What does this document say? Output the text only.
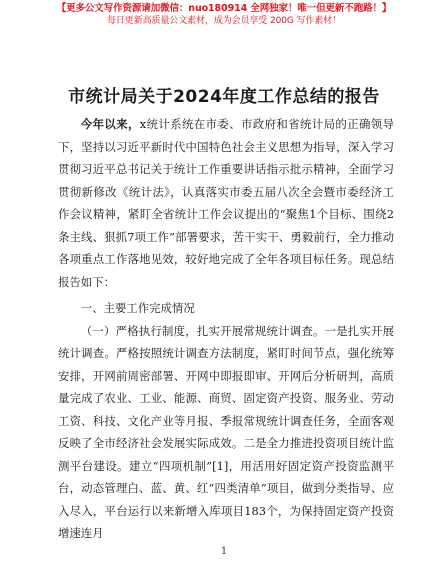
【更多公文写作资源请加微信：nuo180914 全网独家！唯一但更新不跑路！】
每日更新高质量公文素材，成为会员享受 200G 写作素材！
市统计局关于2024年度工作总结的报告

今年以来，x统计系统在市委、市政府和省统计局的正确领导下，坚持以习近平新时代中国特色社会主义思想为指导，深入学习贯彻习近平总书记关于统计工作重要讲话指示批示精神，全面学习贯彻新修改《统计法》，认真落实市委五届八次全会暨市委经济工作会议精神，紧盯全省统计工作会议提出的“聚焦1个目标、围绕2条主线、狠抓7项工作”部署要求，苦干实干、勇毅前行，全力推动各项重点工作落地见效，较好地完成了全年各项目标任务。现总结报告如下：

一、主要工作完成情况

（一）严格执行制度，扎实开展常规统计调查。一是扎实开展统计调查。严格按照统计调查方法制度，紧盯时间节点，强化统筹安排，开网前周密部署、开网中即报即审、开网后分析研判，高质量完成了农业、工业、能源、商贸、固定资产投资、服务业、劳动工资、科技、文化产业等月报、季报常规统计调查任务，全面客观反映了全市经济社会发展实际成效。二是全力推进投资项目统计监测平台建设。建立“四项机制”[1]，用活用好固定资产投资监测平台，动态管理白、蓝、黄、红“四类清单”项目，做到分类指导、应入尽入，平台运行以来新增入库项目183个，为保持固定资产投资增速连月

1
